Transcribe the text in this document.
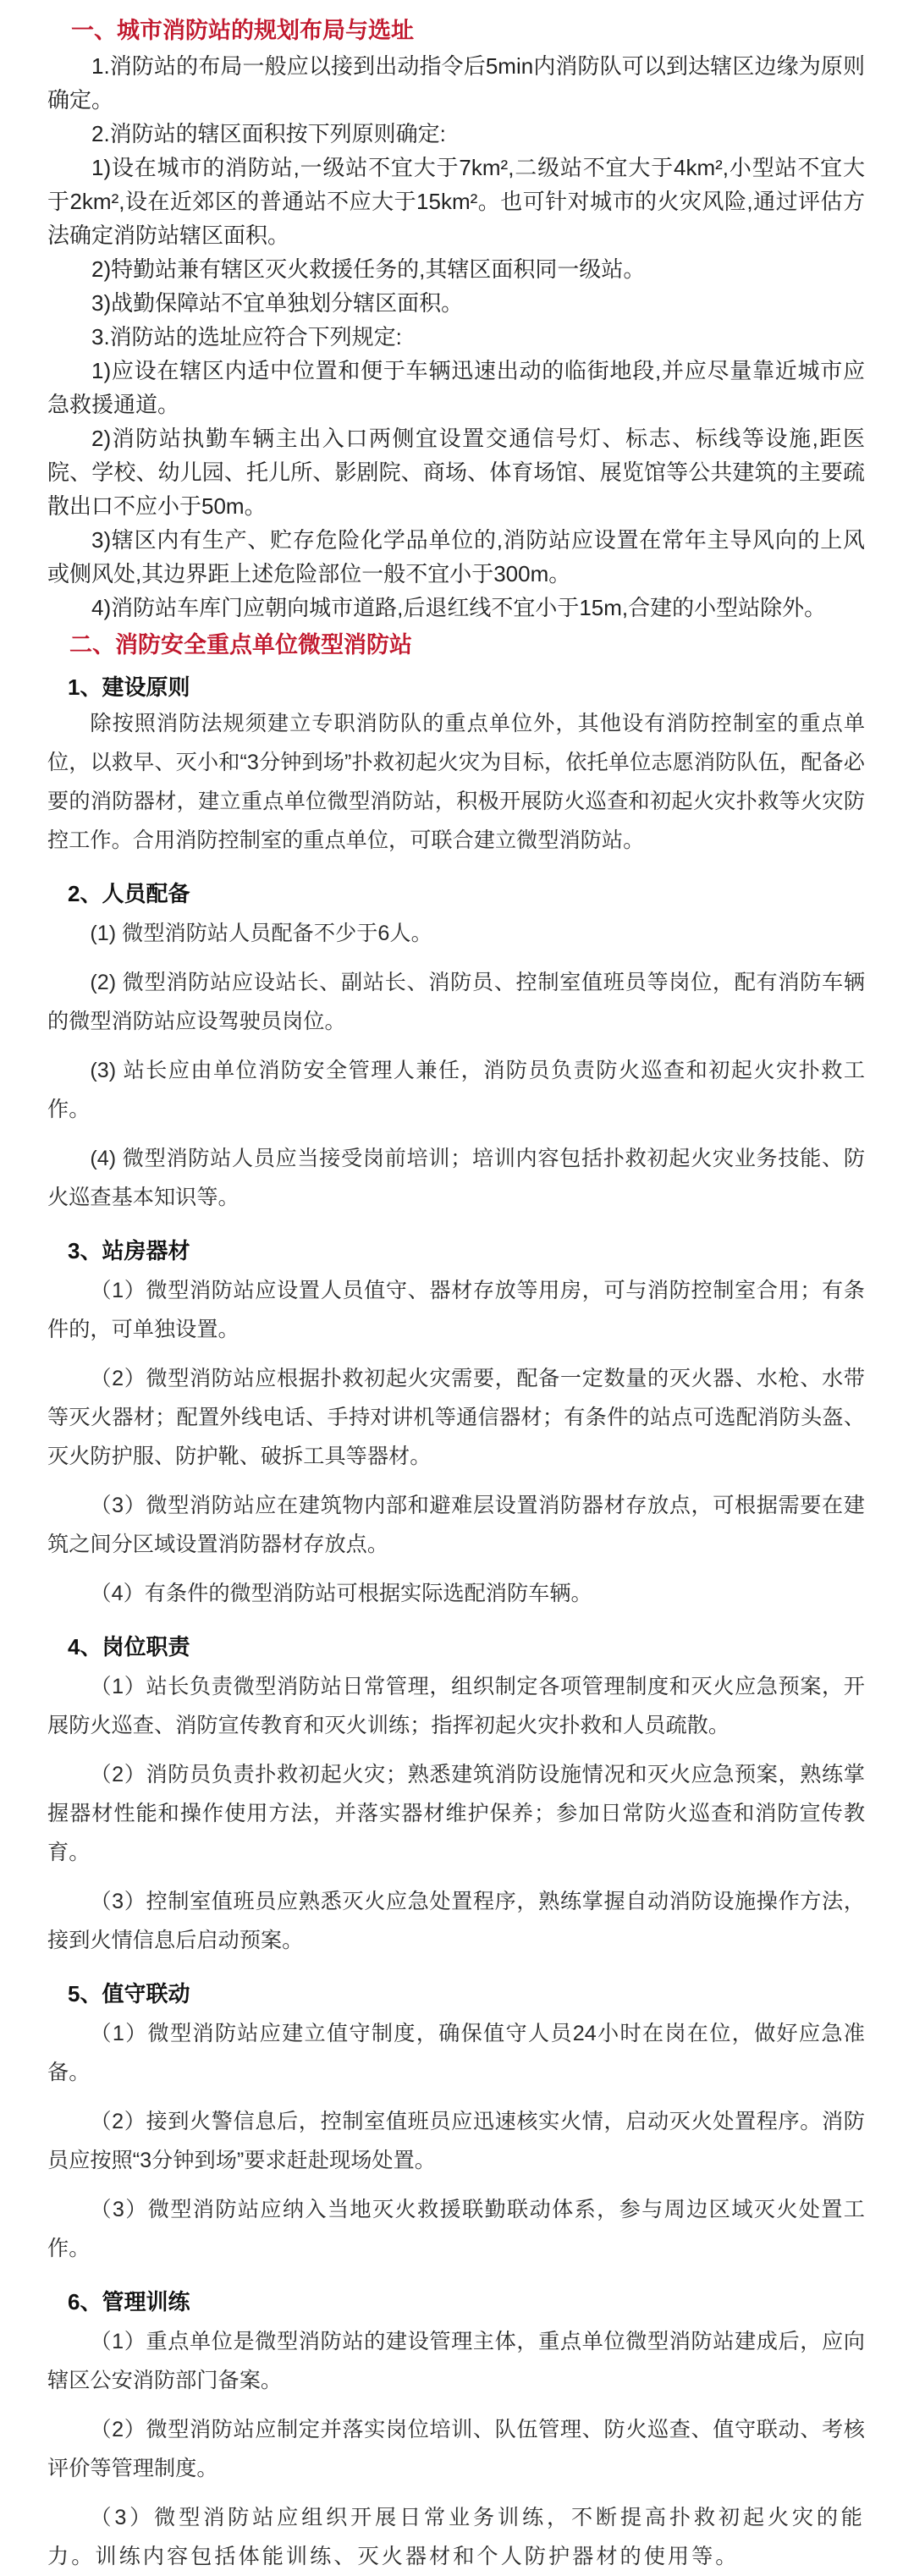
一、城市消防站的规划布局与选址

1.消防站的布局一般应以接到出动指令后5min内消防队可以到达辖区边缘为原则确定。

2.消防站的辖区面积按下列原则确定:

1)设在城市的消防站,一级站不宜大于7km²,二级站不宜大于4km²,小型站不宜大于2km²,设在近郊区的普通站不应大于15km²。也可针对城市的火灾风险,通过评估方法确定消防站辖区面积。

2)特勤站兼有辖区灭火救援任务的,其辖区面积同一级站。

3)战勤保障站不宜单独划分辖区面积。

3.消防站的选址应符合下列规定:

1)应设在辖区内适中位置和便于车辆迅速出动的临街地段,并应尽量靠近城市应急救援通道。

2)消防站执勤车辆主出入口两侧宜设置交通信号灯、标志、标线等设施,距医院、学校、幼儿园、托儿所、影剧院、商场、体育场馆、展览馆等公共建筑的主要疏散出口不应小于50m。

3)辖区内有生产、贮存危险化学品单位的,消防站应设置在常年主导风向的上风或侧风处,其边界距上述危险部位一般不宜小于300m。

4)消防站车库门应朝向城市道路,后退红线不宜小于15m,合建的小型站除外。

二、消防安全重点单位微型消防站
1、建设原则

除按照消防法规须建立专职消防队的重点单位外，其他设有消防控制室的重点单位，以救早、灭小和“3分钟到场”扑救初起火灾为目标，依托单位志愿消防队伍，配备必要的消防器材，建立重点单位微型消防站，积极开展防火巡查和初起火灾扑救等火灾防控工作。合用消防控制室的重点单位，可联合建立微型消防站。

2、人员配备

(1) 微型消防站人员配备不少于6人。

(2) 微型消防站应设站长、副站长、消防员、控制室值班员等岗位，配有消防车辆的微型消防站应设驾驶员岗位。

(3) 站长应由单位消防安全管理人兼任，消防员负责防火巡查和初起火灾扑救工作。

(4) 微型消防站人员应当接受岗前培训；培训内容包括扑救初起火灾业务技能、防火巡查基本知识等。

3、站房器材

（1）微型消防站应设置人员值守、器材存放等用房，可与消防控制室合用；有条件的，可单独设置。

（2）微型消防站应根据扑救初起火灾需要，配备一定数量的灭火器、水枪、水带等灭火器材；配置外线电话、手持对讲机等通信器材；有条件的站点可选配消防头盔、灭火防护服、防护靴、破拆工具等器材。

（3）微型消防站应在建筑物内部和避难层设置消防器材存放点，可根据需要在建筑之间分区域设置消防器材存放点。

（4）有条件的微型消防站可根据实际选配消防车辆。

4、岗位职责

（1）站长负责微型消防站日常管理，组织制定各项管理制度和灭火应急预案，开展防火巡查、消防宣传教育和灭火训练；指挥初起火灾扑救和人员疏散。

（2）消防员负责扑救初起火灾；熟悉建筑消防设施情况和灭火应急预案，熟练掌握器材性能和操作使用方法，并落实器材维护保养；参加日常防火巡查和消防宣传教育。

（3）控制室值班员应熟悉灭火应急处置程序，熟练掌握自动消防设施操作方法，接到火情信息后启动预案。

5、值守联动

（1）微型消防站应建立值守制度，确保值守人员24小时在岗在位，做好应急准备。

（2）接到火警信息后，控制室值班员应迅速核实火情，启动灭火处置程序。消防员应按照“3分钟到场”要求赶赴现场处置。

（3）微型消防站应纳入当地灭火救援联勤联动体系，参与周边区域灭火处置工作。

6、管理训练

（1）重点单位是微型消防站的建设管理主体，重点单位微型消防站建成后，应向辖区公安消防部门备案。

（2）微型消防站应制定并落实岗位培训、队伍管理、防火巡查、值守联动、考核评价等管理制度。

（3）微型消防站应组织开展日常业务训练，不断提高扑救初起火灾的能力。训练内容包括体能训练、灭火器材和个人防护器材的使用等。
